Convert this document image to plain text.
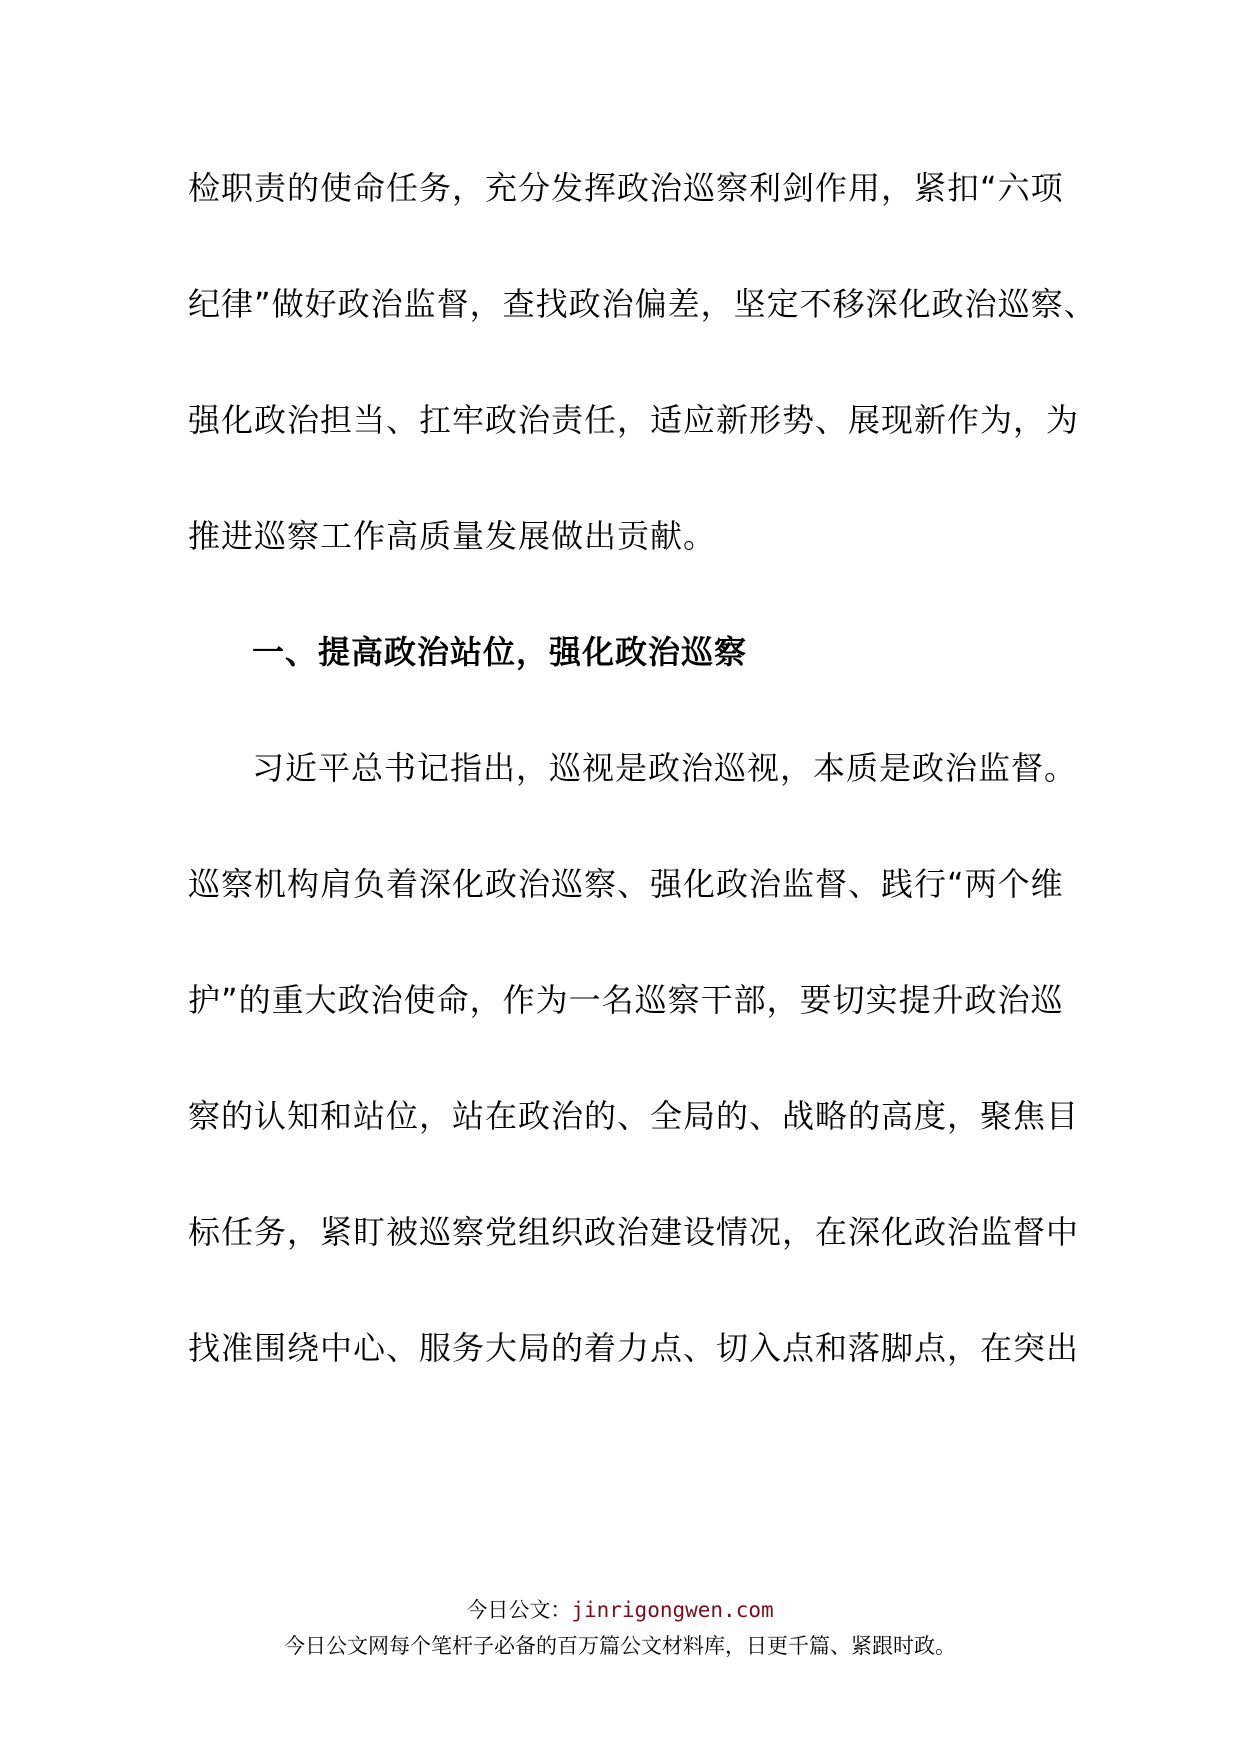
检职责的使命任务，充分发挥政治巡察利剑作用，紧扣“六项
纪律”做好政治监督，查找政治偏差，坚定不移深化政治巡察、
强化政治担当、扛牢政治责任，适应新形势、展现新作为，为
推进巡察工作高质量发展做出贡献。
一、提高政治站位，强化政治巡察
习近平总书记指出，巡视是政治巡视，本质是政治监督。
巡察机构肩负着深化政治巡察、强化政治监督、践行“两个维
护”的重大政治使命，作为一名巡察干部，要切实提升政治巡
察的认知和站位，站在政治的、全局的、战略的高度，聚焦目
标任务，紧盯被巡察党组织政治建设情况，在深化政治监督中
找准围绕中心、服务大局的着力点、切入点和落脚点，在突出
今日公文：jinrigongwen.com
今日公文网每个笔杆子必备的百万篇公文材料库，日更千篇、紧跟时政。
